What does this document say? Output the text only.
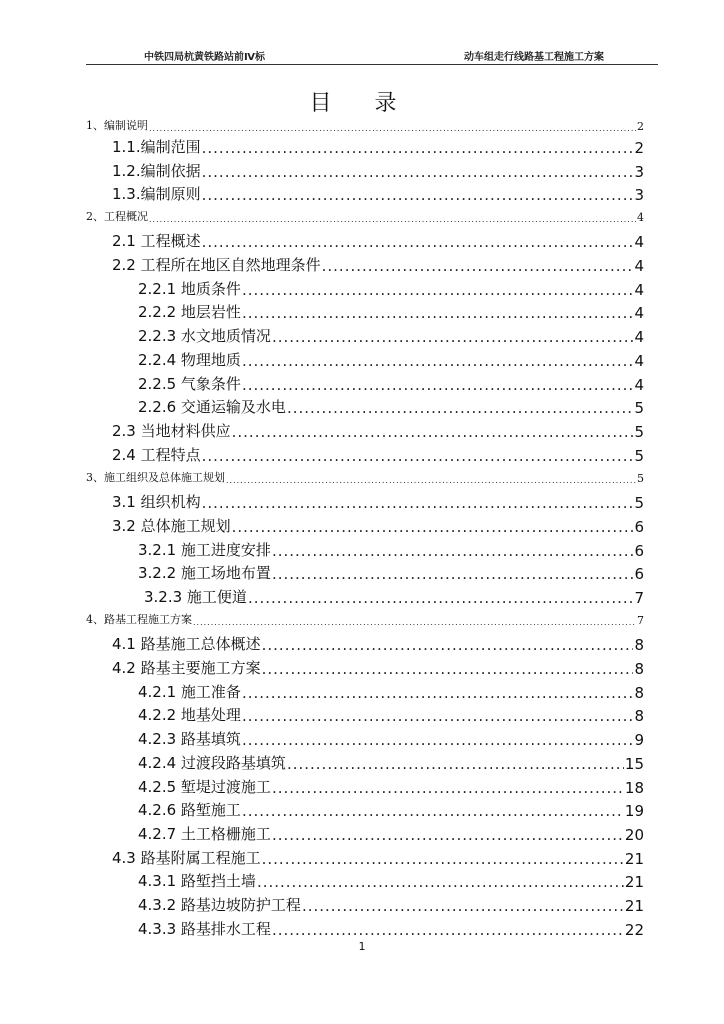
中铁四局杭黄铁路站前Ⅳ标	动车组走行线路基工程施工方案
目 录
1、编制说明 .....	2
1.1.编制范围 .....	2
1.2.编制依据 .....	3
1.3.编制原则 .....	3
2、工程概况 .....	4
2.1 工程概述 .....	4
2.2 工程所在地区自然地理条件 .....	4
2.2.1 地质条件 .....	4
2.2.2 地层岩性 .....	4
2.2.3 水文地质情况 .....	4
2.2.4 物理地质 .....	4
2.2.5 气象条件 .....	4
2.2.6 交通运输及水电 .....	5
2.3 当地材料供应 .....	5
2.4 工程特点 .....	5
3、施工组织及总体施工规划 .....	5
3.1 组织机构 .....	5
3.2 总体施工规划 .....	6
3.2.1 施工进度安排 .....	6
3.2.2 施工场地布置 .....	6
3.2.3 施工便道 .....	7
4、路基工程施工方案 .....	7
4.1 路基施工总体概述 .....	8
4.2 路基主要施工方案 .....	8
4.2.1 施工准备 .....	8
4.2.2 地基处理 .....	8
4.2.3 路基填筑 .....	9
4.2.4 过渡段路基填筑 .....	15
4.2.5 堑堤过渡施工 .....	18
4.2.6 路堑施工 .....	19
4.2.7 土工格栅施工 .....	20
4.3 路基附属工程施工 .....	21
4.3.1 路堑挡土墙 .....	21
4.3.2 路基边坡防护工程 .....	21
4.3.3 路基排水工程 .....	22
1
